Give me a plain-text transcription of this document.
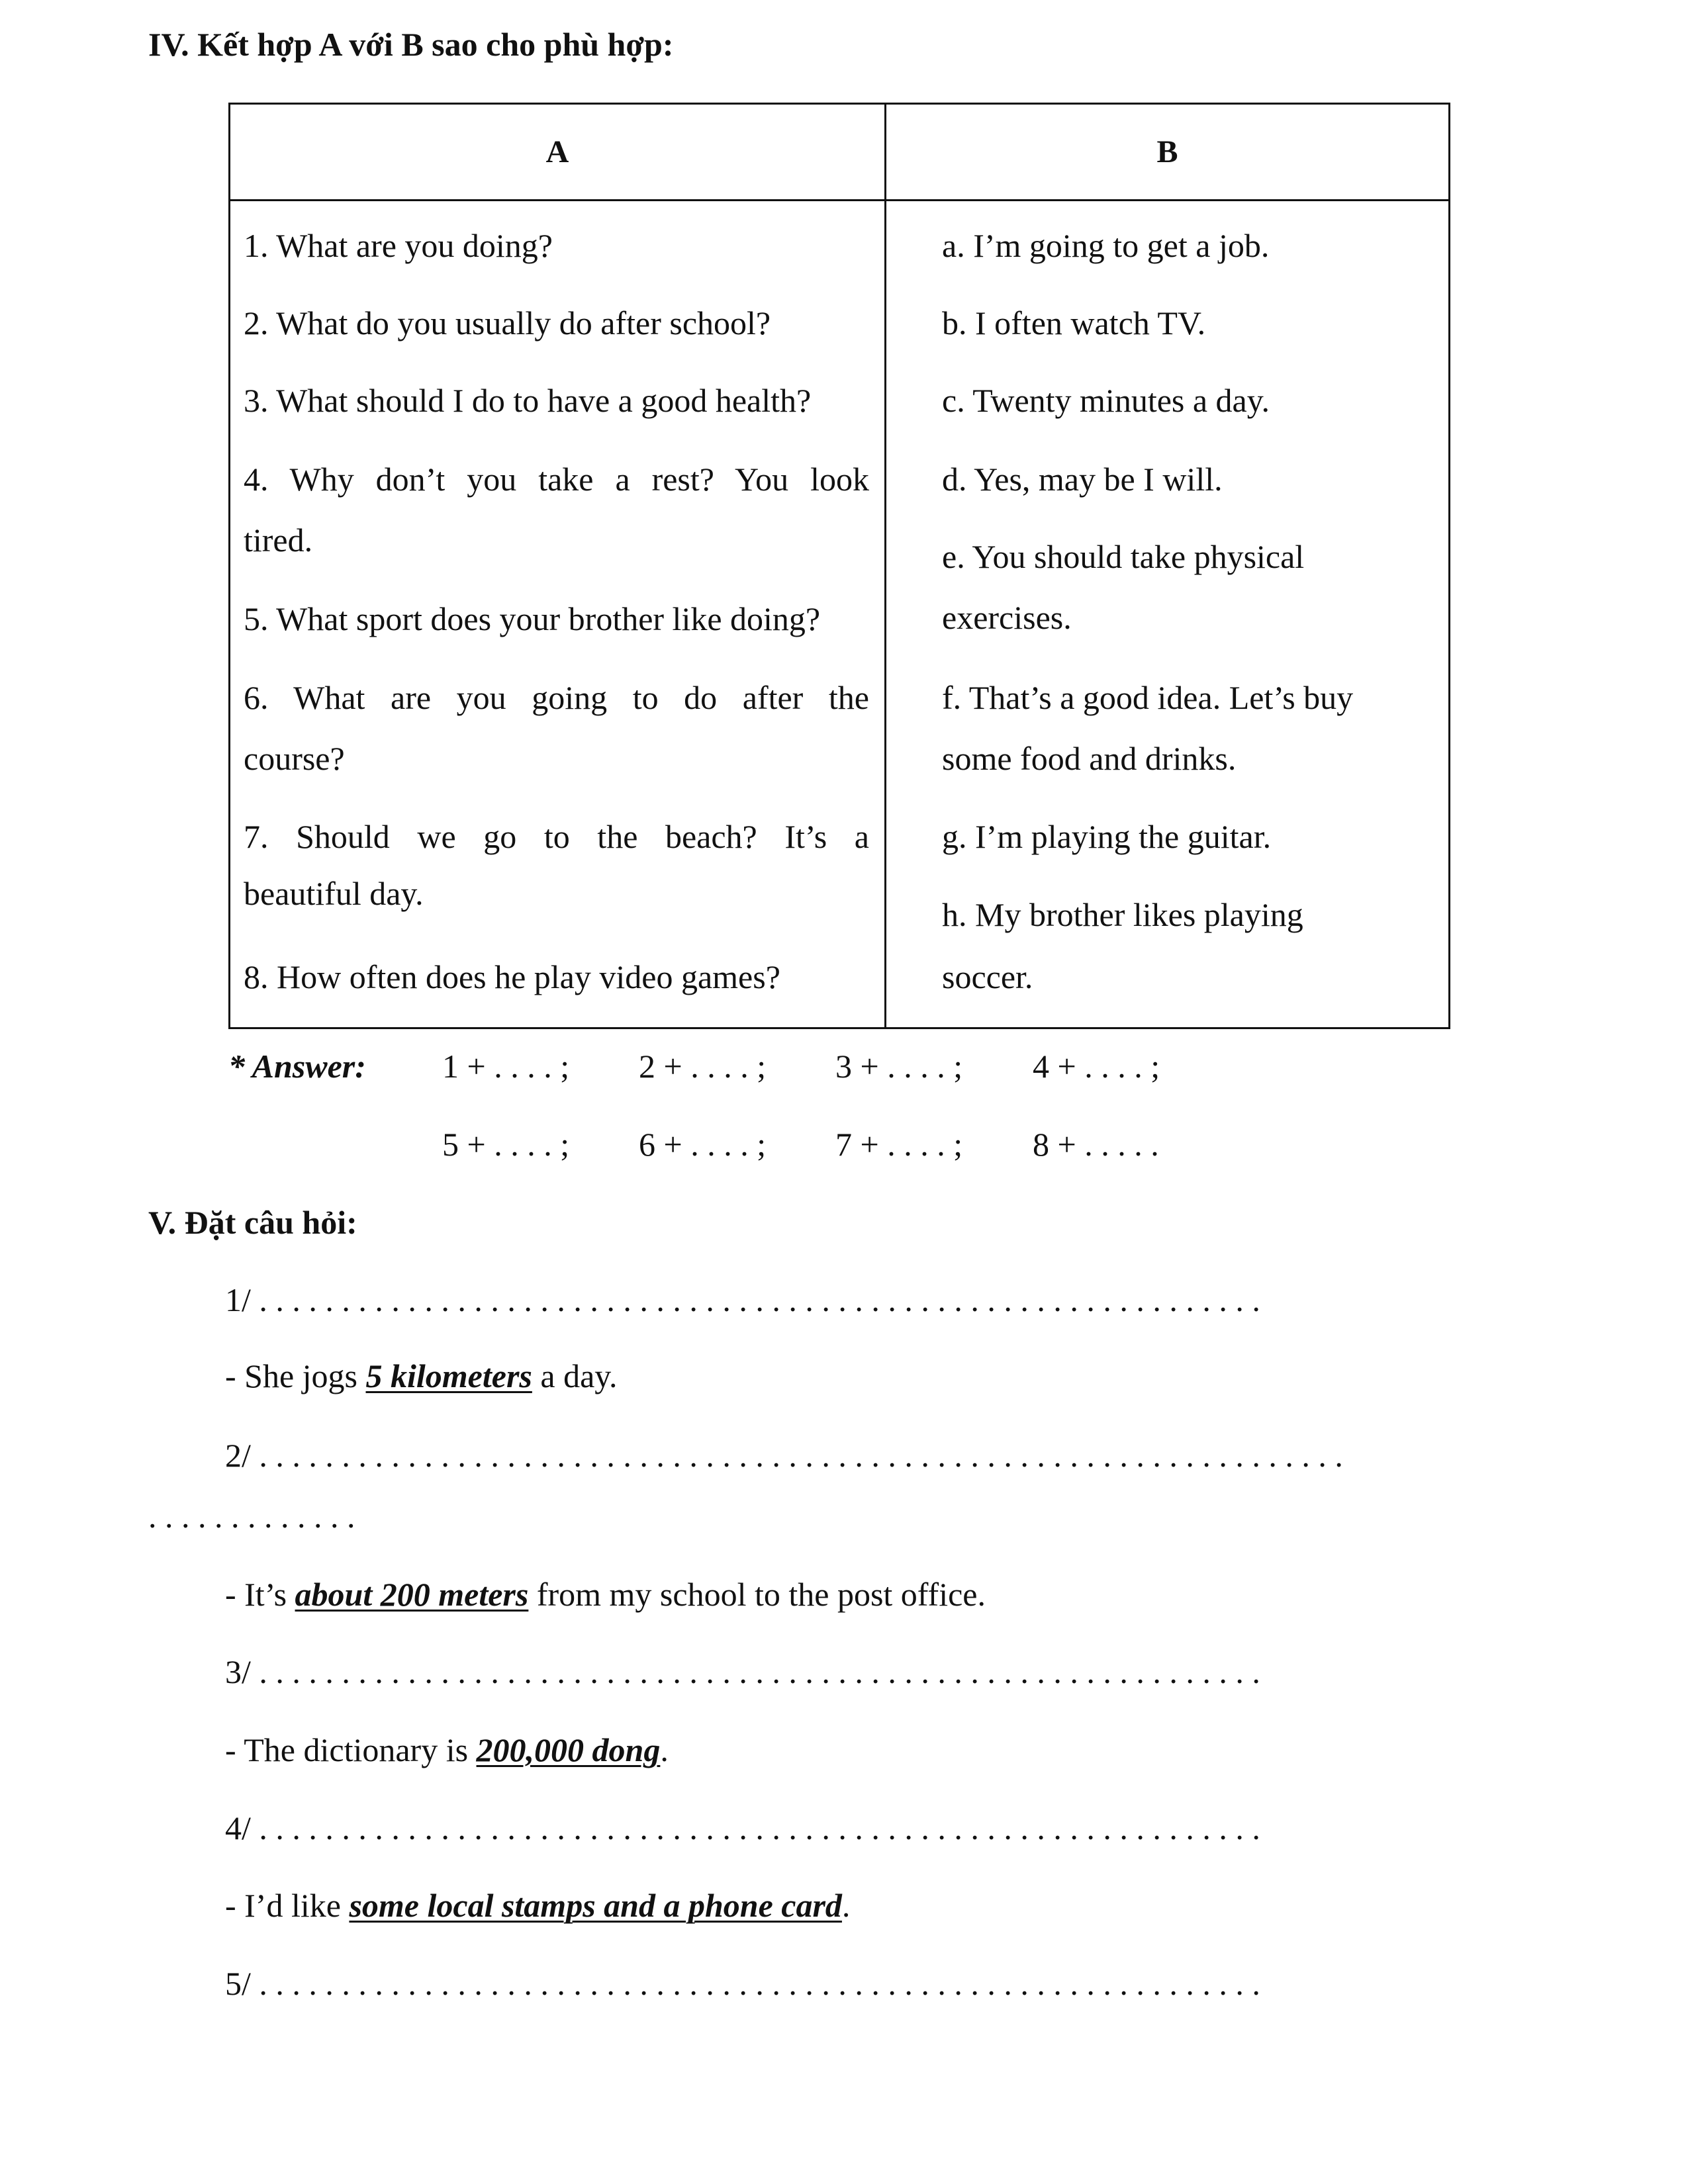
IV. Kết hợp A với B sao cho phù hợp:
A	B
1. What are you doing?
2. What do you usually do after school?
3. What should I do to have a good health?
4. Why don’t you take a rest? You look
tired.
5. What sport does your brother like doing?
6. What are you going to do after the
course?
7. Should we go to the beach? It’s a
beautiful day.
8. How often does he play video games?
a. I’m going to get a job.
b. I often watch TV.
c. Twenty minutes a day.
d. Yes, may be I will.
e. You should take physical
exercises.
f. That’s a good idea. Let’s buy
some food and drinks.
g. I’m playing the guitar.
h. My brother likes playing
soccer.
* Answer: 1 + . . . . ; 2 + . . . . ; 3 + . . . . ; 4 + . . . . ;
5 + . . . . ; 6 + . . . . ; 7 + . . . . ; 8 + . . . . .
V. Đặt câu hỏi:
1/ . . . . . . . . . . . . . . . . . . . . . . . . . . . . . . . . . . . . . . . . . . . . . . . . . . . . . . . . . . . . .
- She jogs 5 kilometers a day.
2/ . . . . . . . . . . . . . . . . . . . . . . . . . . . . . . . . . . . . . . . . . . . . . . . . . . . . . . . . . . . . . . . . . .
. . . . . . . . . . . . .
- It’s about 200 meters from my school to the post office.
3/ . . . . . . . . . . . . . . . . . . . . . . . . . . . . . . . . . . . . . . . . . . . . . . . . . . . . . . . . . . . . .
- The dictionary is 200,000 dong.
4/ . . . . . . . . . . . . . . . . . . . . . . . . . . . . . . . . . . . . . . . . . . . . . . . . . . . . . . . . . . . . .
- I’d like some local stamps and a phone card.
5/ . . . . . . . . . . . . . . . . . . . . . . . . . . . . . . . . . . . . . . . . . . . . . . . . . . . . . . . . . . . . .
